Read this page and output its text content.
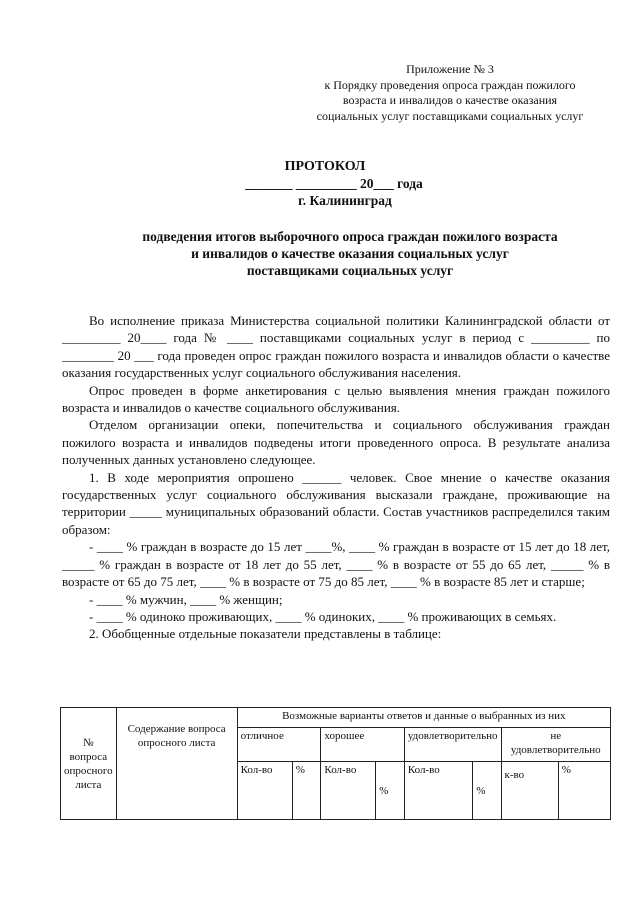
Приложение № 3
к Порядку проведения опроса граждан пожилого
возраста и инвалидов о качестве оказания
социальных услуг поставщиками социальных услуг
ПРОТОКОЛ
_______ _________ 20___ года
г. Калининград
подведения итогов выборочного опроса граждан пожилого возраста
и инвалидов о качестве оказания социальных услуг
поставщиками социальных услуг

Во исполнение приказа Министерства социальной политики Калининградской области от _________ 20____ года № ____ поставщиками социальных услуг в период с _________ по ________ 20 ___ года проведен опрос граждан пожилого возраста и инвалидов области о качестве оказания государственных услуг социального обслуживания населения.

Опрос проведен в форме анкетирования с целью выявления мнения граждан пожилого возраста и инвалидов о качестве социального обслуживания.

Отделом организации опеки, попечительства и социального обслуживания граждан пожилого возраста и инвалидов подведены итоги проведенного опроса. В результате анализа полученных данных установлено следующее.

1. В ходе мероприятия опрошено ______ человек. Свое мнение о качестве оказания государственных услуг социального обслуживания высказали граждане, проживающие на территории _____ муниципальных образований области. Состав участников распределился таким образом:

- ____ % граждан в возрасте до 15 лет ____%, ____ % граждан в возрасте от 15 лет до 18 лет, _____ % граждан в возрасте от 18 лет до 55 лет, ____ % в возрасте от 55 до 65 лет, _____ % в возрасте от 65 до 75 лет, ____ % в возрасте от 75 до 85 лет, ____ % в возрасте 85 лет и старше;

- ____ % мужчин, ____ % женщин;

- ____ % одиноко проживающих, ____ % одиноких, ____ % проживающих в семьях.

2. Обобщенные отдельные показатели представлены в таблице:

№ вопроса опросного листа	Содержание вопроса опросного листа	Возможные варианты ответов и данные о выбранных из них							
		отличное		хорошее		удовлетворительно		не удовлетворительно	
		Кол-во	%	Кол-во	%	Кол-во	%	к-во	%
